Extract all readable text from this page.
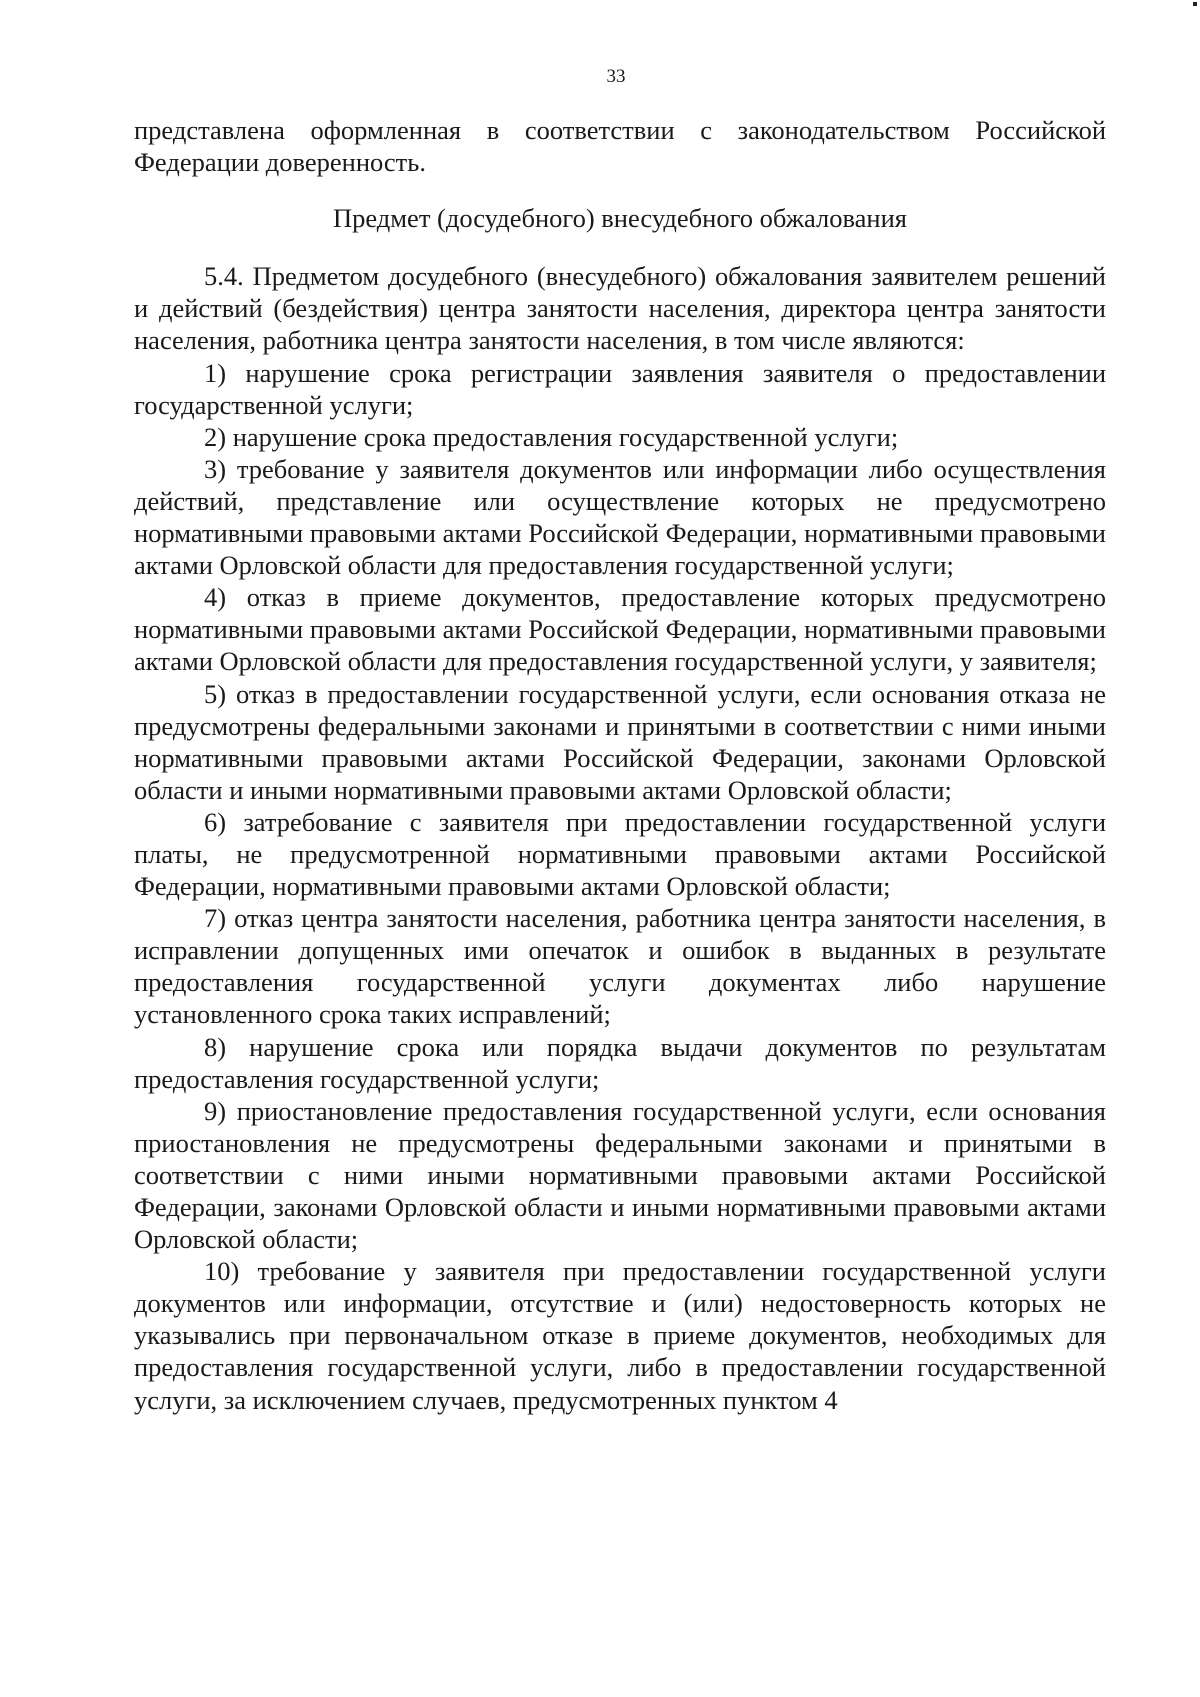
33

представлена оформленная в соответствии с законодательством Российской Федерации доверенность.

Предмет (досудебного) внесудебного обжалования

5.4. Предметом досудебного (внесудебного) обжалования заявителем решений и действий (бездействия) центра занятости населения, директора центра занятости населения, работника центра занятости населения, в том числе являются:

1) нарушение срока регистрации заявления заявителя о предоставлении государственной услуги;

2) нарушение срока предоставления государственной услуги;

3) требование у заявителя документов или информации либо осуществления действий, представление или осуществление которых не предусмотрено нормативными правовыми актами Российской Федерации, нормативными правовыми актами Орловской области для предоставления государственной услуги;

4) отказ в приеме документов, предоставление которых предусмотрено нормативными правовыми актами Российской Федерации, нормативными правовыми актами Орловской области для предоставления государственной услуги, у заявителя;

5) отказ в предоставлении государственной услуги, если основания отказа не предусмотрены федеральными законами и принятыми в соответствии с ними иными нормативными правовыми актами Российской Федерации, законами Орловской области и иными нормативными правовыми актами Орловской области;

6) затребование с заявителя при предоставлении государственной услуги платы, не предусмотренной нормативными правовыми актами Российской Федерации, нормативными правовыми актами Орловской области;

7) отказ центра занятости населения, работника центра занятости населения, в исправлении допущенных ими опечаток и ошибок в выданных в результате предоставления государственной услуги документах либо нарушение установленного срока таких исправлений;

8) нарушение срока или порядка выдачи документов по результатам предоставления государственной услуги;

9) приостановление предоставления государственной услуги, если основания приостановления не предусмотрены федеральными законами и принятыми в соответствии с ними иными нормативными правовыми актами Российской Федерации, законами Орловской области и иными нормативными правовыми актами Орловской области;

10) требование у заявителя при предоставлении государственной услуги документов или информации, отсутствие и (или) недостоверность которых не указывались при первоначальном отказе в приеме документов, необходимых для предоставления государственной услуги, либо в предоставлении государственной услуги, за исключением случаев, предусмотренных пунктом 4
